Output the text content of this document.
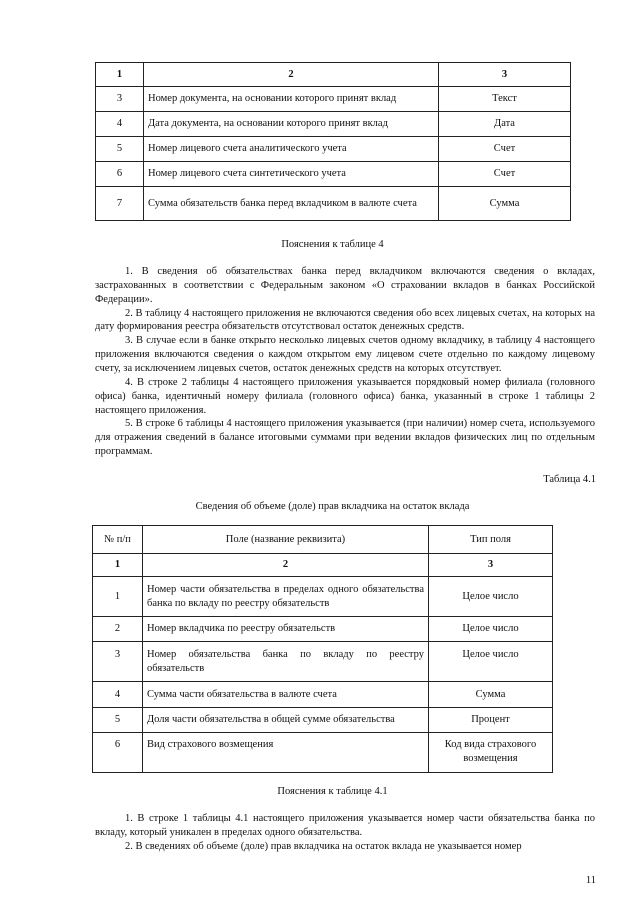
1	2	3
3	Номер документа, на основании которого принят вклад	Текст
4	Дата документа, на основании которого принят вклад	Дата
5	Номер лицевого счета аналитического учета	Счет
6	Номер лицевого счета синтетического учета	Счет
7	Сумма обязательств банка перед вкладчиком в валюте счета	Сумма
Пояснения к таблице 4

1. В сведения об обязательствах банка перед вкладчиком включаются сведения о вкладах, застрахованных в соответствии с Федеральным законом «О страховании вкладов в банках Российской Федерации».

2. В таблицу 4 настоящего приложения не включаются сведения обо всех лицевых счетах, на которых на дату формирования реестра обязательств отсутствовал остаток денежных средств.

3. В случае если в банке открыто несколько лицевых счетов одному вкладчику, в таблицу 4 настоящего приложения включаются сведения о каждом открытом ему лицевом счете отдельно по каждому лицевому счету, за исключением лицевых счетов, остаток денежных средств на которых отсутствует.

4. В строке 2 таблицы 4 настоящего приложения указывается порядковый номер филиала (головного офиса) банка, идентичный номеру филиала (головного офиса) банка, указанный в строке 1 таблицы 2 настоящего приложения.

5. В строке 6 таблицы 4 настоящего приложения указывается (при наличии) номер счета, используемого для отражения сведений в балансе итоговыми суммами при ведении вкладов физических лиц по отдельным программам.

Таблица 4.1
Сведения об объеме (доле) прав вкладчика на остаток вклада
№ п/п	Поле (название реквизита)	Тип поля
1	2	3
1	Номер части обязательства в пределах одного обязательства банка по вкладу по реестру обязательств	Целое число
2	Номер вкладчика по реестру обязательств	Целое число
3	Номер обязательства банка по вкладу по реестру обязательств	Целое число
4	Сумма части обязательства в валюте счета	Сумма
5	Доля части обязательства в общей сумме обязательства	Процент
6	Вид страхового возмещения	Код вида страхового возмещения
Пояснения к таблице 4.1

1. В строке 1 таблицы 4.1 настоящего приложения указывается номер части обязательства банка по вкладу, который уникален в пределах одного обязательства.

2. В сведениях об объеме (доле) прав вкладчика на остаток вклада не указывается номер

11
